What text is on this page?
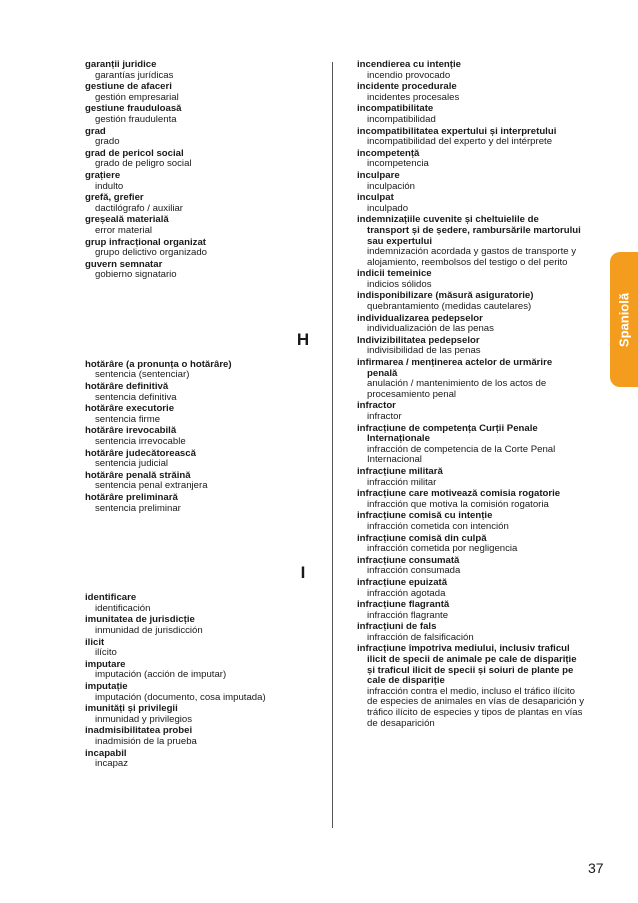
garanții juridice
garantías jurídicas
gestiune de afaceri
gestión empresarial
gestiune frauduloasă
gestión fraudulenta
grad
grado
grad de pericol social
grado de peligro social
grațiere
indulto
grefă, grefier
dactilógrafo / auxiliar
greșeală materială
error material
grup infracțional organizat
grupo delictivo organizado
guvern semnatar
gobierno signatario
H
hotărâre (a pronunța o hotărâre)
sentencia (sentenciar)
hotărâre definitivă
sentencia definitiva
hotărâre executorie
sentencia firme
hotărâre irevocabilă
sentencia irrevocable
hotărâre judecătorească
sentencia judicial
hotărâre penală străină
sentencia penal extranjera
hotărâre preliminară
sentencia preliminar
I
identificare
identificación
imunitatea de jurisdicție
inmunidad de jurisdicción
ilicit
ilícito
imputare
imputación (acción de imputar)
imputație
imputación (documento, cosa imputada)
imunități și privilegii
inmunidad y privilegios
inadmisibilitatea probei
inadmisión de la prueba
incapabil
incapaz
incendierea cu intenție
incendio provocado
incidente procedurale
incidentes procesales
incompatibilitate
incompatibilidad
incompatibilitatea expertului și interpretului
incompatibilidad del experto y del intérprete
incompetență
incompetencia
inculpare
inculpación
inculpat
inculpado
indemnizațiile cuvenite și cheltuielile de
transport și de ședere, rambursările martorului sau expertului
indemnización acordada y gastos de transporte y alojamiento, reembolsos del testigo o del perito
indicii temeinice
indicios sólidos
indisponibilizare (măsură asiguratorie)
quebrantamiento (medidas cautelares)
individualizarea pedepselor
individualización de las penas
Indivizibilitatea pedepselor
indivisibilidad de las penas
infirmarea / menținerea actelor de urmărire
penală
anulación / mantenimiento de los actos de procesamiento penal
infractor
infractor
infracțiune de competența Curții Penale
Internaționale
infracción de competencia de la Corte Penal Internacional
infracțiune militară
infracción militar
infracțiune care motivează comisia rogatorie
infracción que motiva la comisión rogatoria
infracțiune comisă cu intenție
infracción cometida con intención
infracțiune comisă din culpă
infracción cometida por negligencia
infracțiune consumată
infracción consumada
infracțiune epuizată
infracción agotada
infracțiune flagrantă
infracción flagrante
infracțiuni de fals
infracción de falsificación
infracțiune împotriva mediului, inclusiv traficul
ilicit de specii de animale pe cale de dispariție și traficul ilicit de specii și soiuri de plante pe cale de dispariție
infracción contra el medio, incluso el tráfico ilícito de especies de animales en vías de desaparición y tráfico ilícito de especies y tipos de plantas en vías de desaparición
Spaniolă
37
